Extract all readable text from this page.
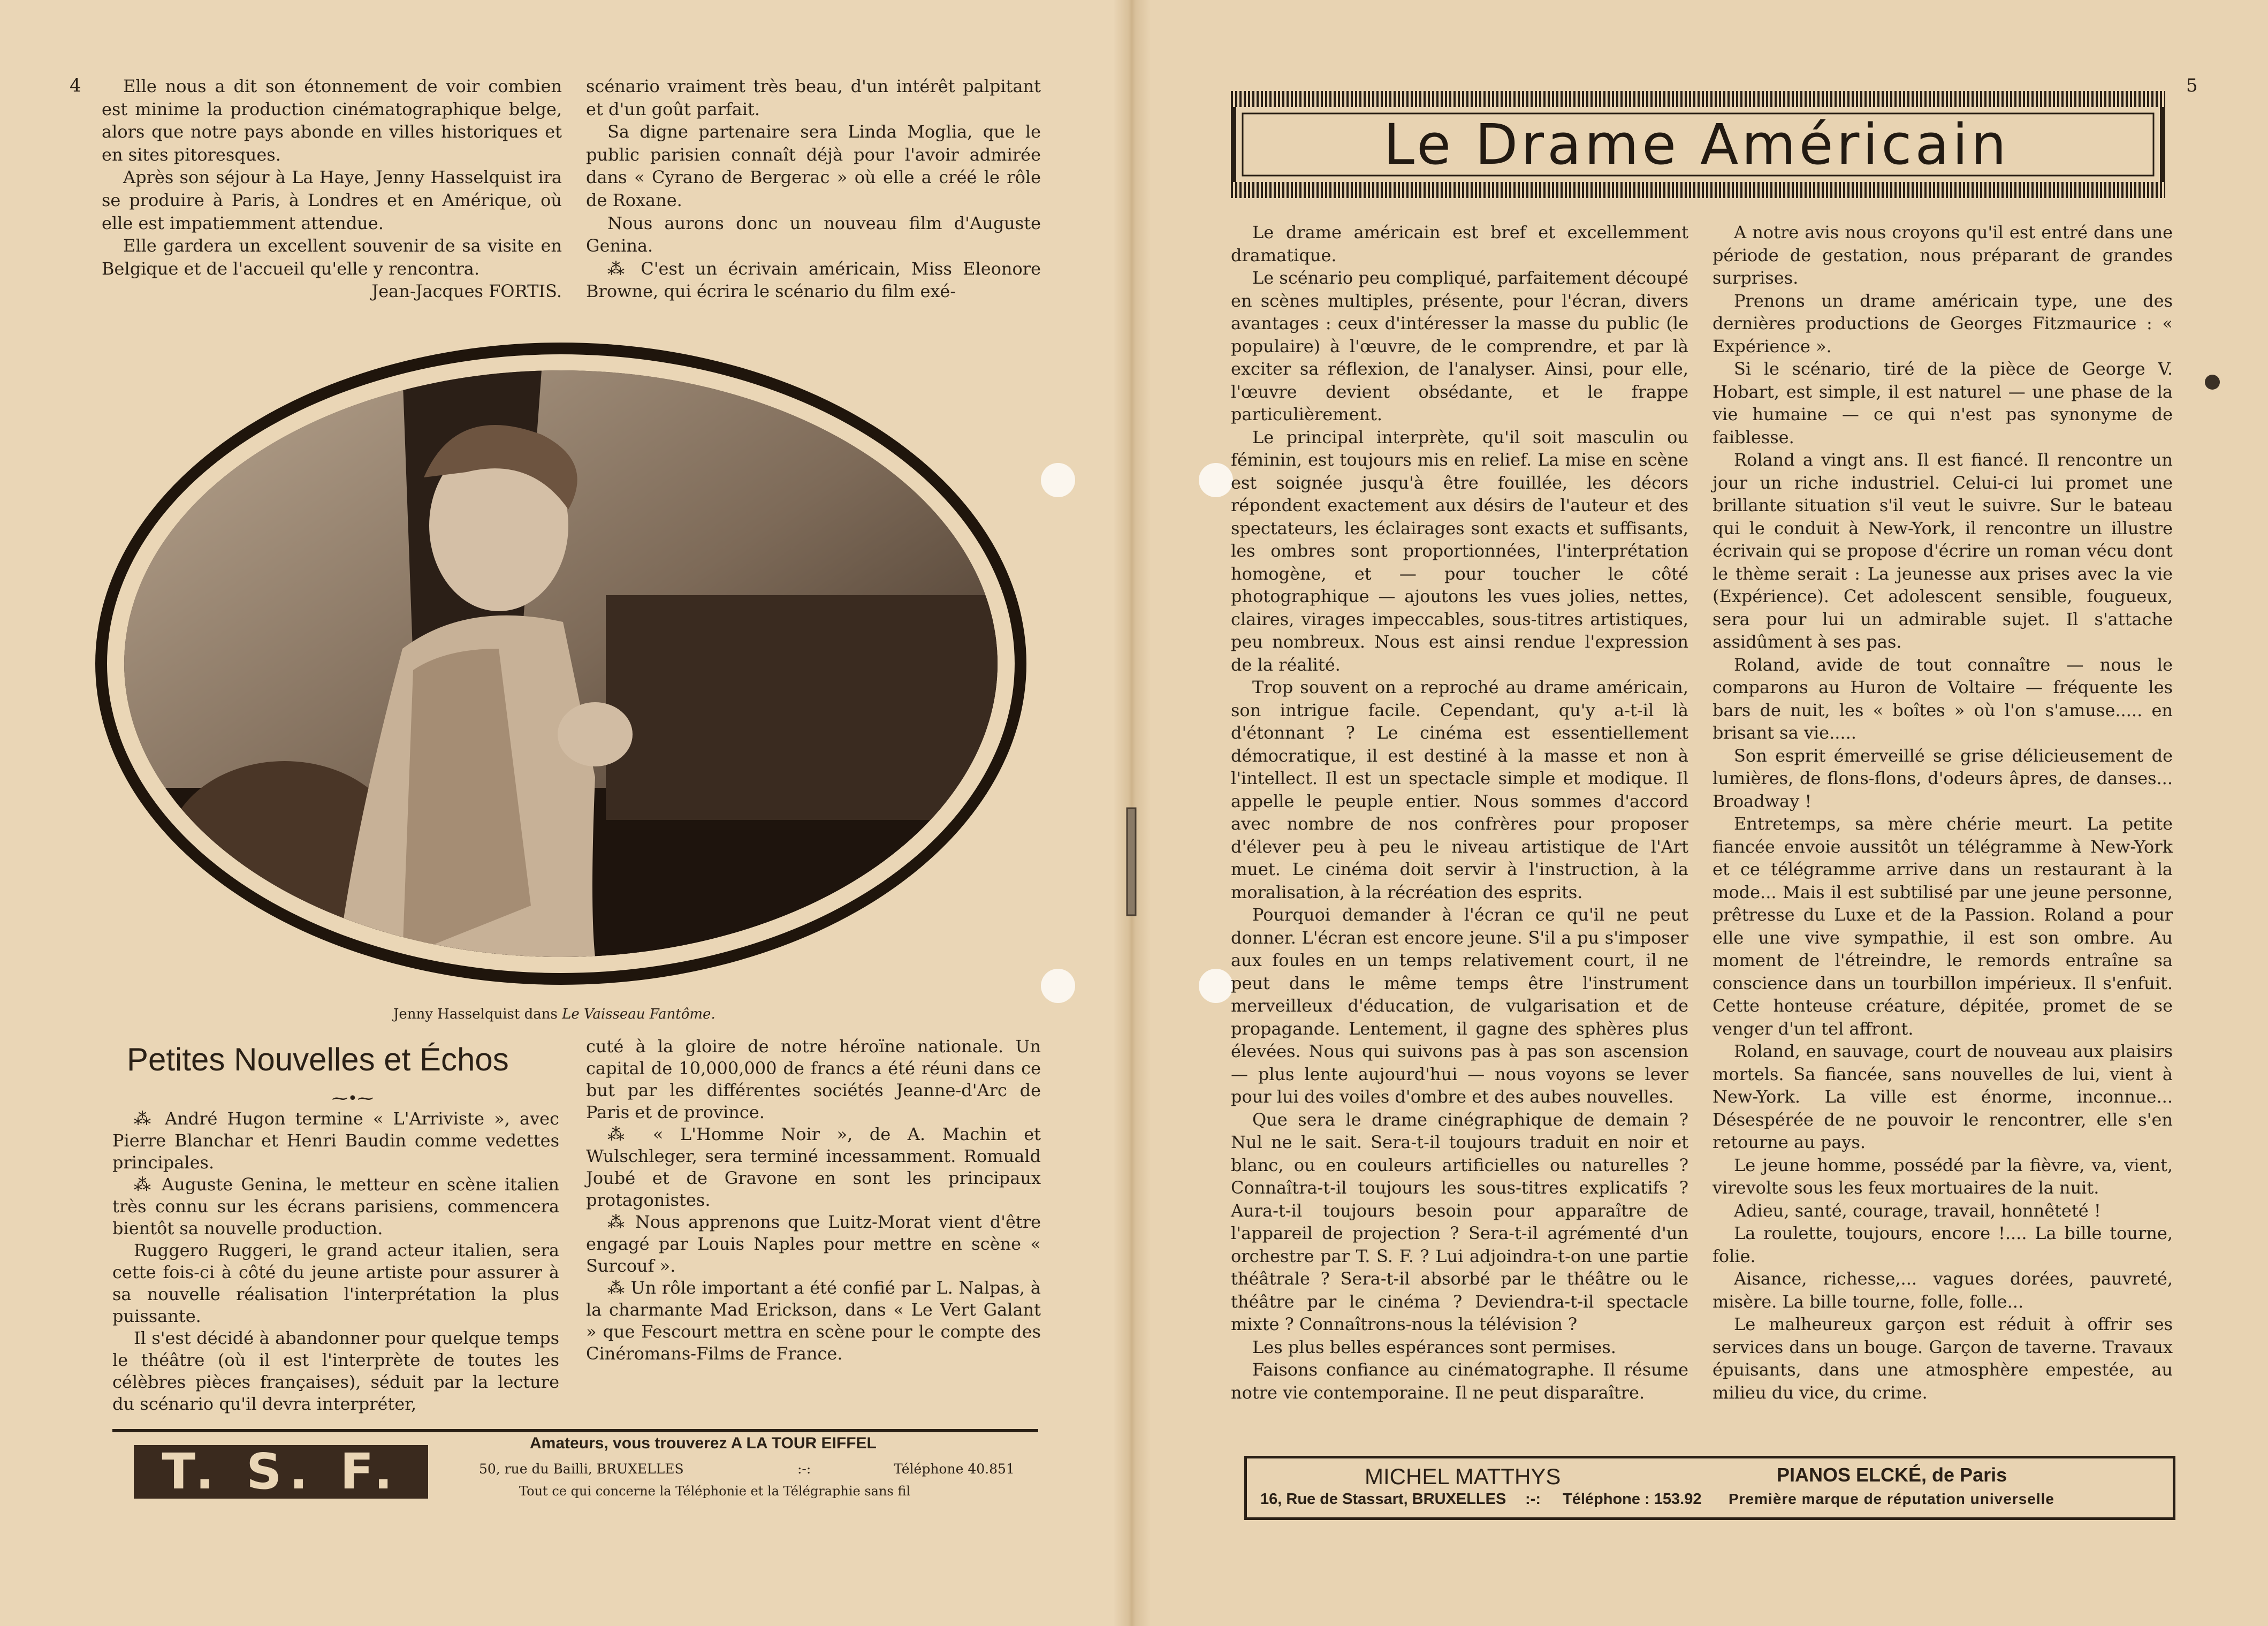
4	Elle nous a dit son étonnement de voir combien est minime la production cinématographique belge, alors que notre pays abonde en villes historiques et en sites pitoresques.

Après son séjour à La Haye, Jenny Hasselquist ira se produire à Paris, à Londres et en Amérique, où elle est impatiemment attendue.

Elle gardera un excellent souvenir de sa visite en Belgique et de l'accueil qu'elle y rencontra.

Jean-Jacques FORTIS.

scénario vraiment très beau, d'un intérêt palpitant et d'un goût parfait.

Sa digne partenaire sera Linda Moglia, que le public parisien connaît déjà pour l'avoir admirée dans « Cyrano de Bergerac » où elle a créé le rôle de Roxane.

Nous aurons donc un nouveau film d'Auguste Genina.

⁂ C'est un écrivain américain, Miss Eleonore Browne, qui écrira le scénario du film exé-

Jenny Hasselquist dans Le Vaisseau Fantôme.
Petites Nouvelles et Échos
⁓•⁓

⁂ André Hugon termine « L'Arriviste », avec Pierre Blanchar et Henri Baudin comme vedettes principales.

⁂ Auguste Genina, le metteur en scène italien très connu sur les écrans parisiens, commencera bientôt sa nouvelle production.

Ruggero Ruggeri, le grand acteur italien, sera cette fois-ci à côté du jeune artiste pour assurer à sa nouvelle réalisation l'interprétation la plus puissante.

Il s'est décidé à abandonner pour quelque temps le théâtre (où il est l'interprète de toutes les célèbres pièces françaises), séduit par la lecture du scénario qu'il devra interpréter,

cuté à la gloire de notre héroïne nationale. Un capital de 10,000,000 de francs a été réuni dans ce but par les différentes sociétés Jeanne-d'Arc de Paris et de province.

⁂ « L'Homme Noir », de A. Machin et Wulschleger, sera terminé incessamment. Romuald Joubé et de Gravone en sont les principaux protagonistes.

⁂ Nous apprenons que Luitz-Morat vient d'être engagé par Louis Naples pour mettre en scène « Surcouf ».

⁂ Un rôle important a été confié par L. Nalpas, à la charmante Mad Erickson, dans « Le Vert Galant » que Fescourt mettra en scène pour le compte des Cinéromans-Films de France.

T. S. F.	Amateurs, vous trouverez A LA TOUR EIFFEL
50, rue du Bailli, BRUXELLES	:-:	Téléphone 40.851
Tout ce qui concerne la Téléphonie et la Télégraphie sans fil
5
Le Drame Américain

Le drame américain est bref et excellemment dramatique.

Le scénario peu compliqué, parfaitement découpé en scènes multiples, présente, pour l'écran, divers avantages : ceux d'intéresser la masse du public (le populaire) à l'œuvre, de le comprendre, et par là exciter sa réflexion, de l'analyser. Ainsi, pour elle, l'œuvre devient obsédante, et le frappe particulièrement.

Le principal interprète, qu'il soit masculin ou féminin, est toujours mis en relief. La mise en scène est soignée jusqu'à être fouillée, les décors répondent exactement aux désirs de l'auteur et des spectateurs, les éclairages sont exacts et suffisants, les ombres sont proportionnées, l'interprétation homogène, et — pour toucher le côté photographique — ajoutons les vues jolies, nettes, claires, virages impeccables, sous-titres artistiques, peu nombreux. Nous est ainsi rendue l'expression de la réalité.

Trop souvent on a reproché au drame américain, son intrigue facile. Cependant, qu'y a-t-il là d'étonnant ? Le cinéma est essentiellement démocratique, il est destiné à la masse et non à l'intellect. Il est un spectacle simple et modique. Il appelle le peuple entier. Nous sommes d'accord avec nombre de nos confrères pour proposer d'élever peu à peu le niveau artistique de l'Art muet. Le cinéma doit servir à l'instruction, à la moralisation, à la récréation des esprits.

Pourquoi demander à l'écran ce qu'il ne peut donner. L'écran est encore jeune. S'il a pu s'imposer aux foules en un temps relativement court, il ne peut dans le même temps être l'instrument merveilleux d'éducation, de vulgarisation et de propagande. Lentement, il gagne des sphères plus élevées. Nous qui suivons pas à pas son ascension — plus lente aujourd'hui — nous voyons se lever pour lui des voiles d'ombre et des aubes nouvelles.

Que sera le drame cinégraphique de demain ? Nul ne le sait. Sera-t-il toujours traduit en noir et blanc, ou en couleurs artificielles ou naturelles ? Connaîtra-t-il toujours les sous-titres explicatifs ? Aura-t-il toujours besoin pour apparaître de l'appareil de projection ? Sera-t-il agrémenté d'un orchestre par T. S. F. ? Lui adjoindra-t-on une partie théâtrale ? Sera-t-il absorbé par le théâtre ou le théâtre par le cinéma ? Deviendra-t-il spectacle mixte ? Connaîtrons-nous la télévision ?

Les plus belles espérances sont permises.

Faisons confiance au cinématographe. Il résume notre vie contemporaine. Il ne peut disparaître.

A notre avis nous croyons qu'il est entré dans une période de gestation, nous préparant de grandes surprises.

Prenons un drame américain type, une des dernières productions de Georges Fitzmaurice : « Expérience ».

Si le scénario, tiré de la pièce de George V. Hobart, est simple, il est naturel — une phase de la vie humaine — ce qui n'est pas synonyme de faiblesse.

Roland a vingt ans. Il est fiancé. Il rencontre un jour un riche industriel. Celui-ci lui promet une brillante situation s'il veut le suivre. Sur le bateau qui le conduit à New-York, il rencontre un illustre écrivain qui se propose d'écrire un roman vécu dont le thème serait : La jeunesse aux prises avec la vie (Expérience). Cet adolescent sensible, fougueux, sera pour lui un admirable sujet. Il s'attache assidûment à ses pas.

Roland, avide de tout connaître — nous le comparons au Huron de Voltaire — fréquente les bars de nuit, les « boîtes » où l'on s'amuse..... en brisant sa vie.....

Son esprit émerveillé se grise délicieusement de lumières, de flons-flons, d'odeurs âpres, de danses... Broadway !

Entretemps, sa mère chérie meurt. La petite fiancée envoie aussitôt un télégramme à New-York et ce télégramme arrive dans un restaurant à la mode... Mais il est subtilisé par une jeune personne, prêtresse du Luxe et de la Passion. Roland a pour elle une vive sympathie, il est son ombre. Au moment de l'étreindre, le remords entraîne sa conscience dans un tourbillon impérieux. Il s'enfuit. Cette honteuse créature, dépitée, promet de se venger d'un tel affront.

Roland, en sauvage, court de nouveau aux plaisirs mortels. Sa fiancée, sans nouvelles de lui, vient à New-York. La ville est énorme, inconnue... Désespérée de ne pouvoir le rencontrer, elle s'en retourne au pays.

Le jeune homme, possédé par la fièvre, va, vient, virevolte sous les feux mortuaires de la nuit.

Adieu, santé, courage, travail, honnêteté !

La roulette, toujours, encore !.... La bille tourne, folie.

Aisance, richesse,... vagues dorées, pauvreté, misère. La bille tourne, folle, folle...

Le malheureux garçon est réduit à offrir ses services dans un bouge. Garçon de taverne. Travaux épuisants, dans une atmosphère empestée, au milieu du vice, du crime.

MICHEL MATTHYS
16, Rue de Stassart, BRUXELLES :-: Téléphone : 153.92
PIANOS ELCKÉ, de Paris
Première marque de réputation universelle
